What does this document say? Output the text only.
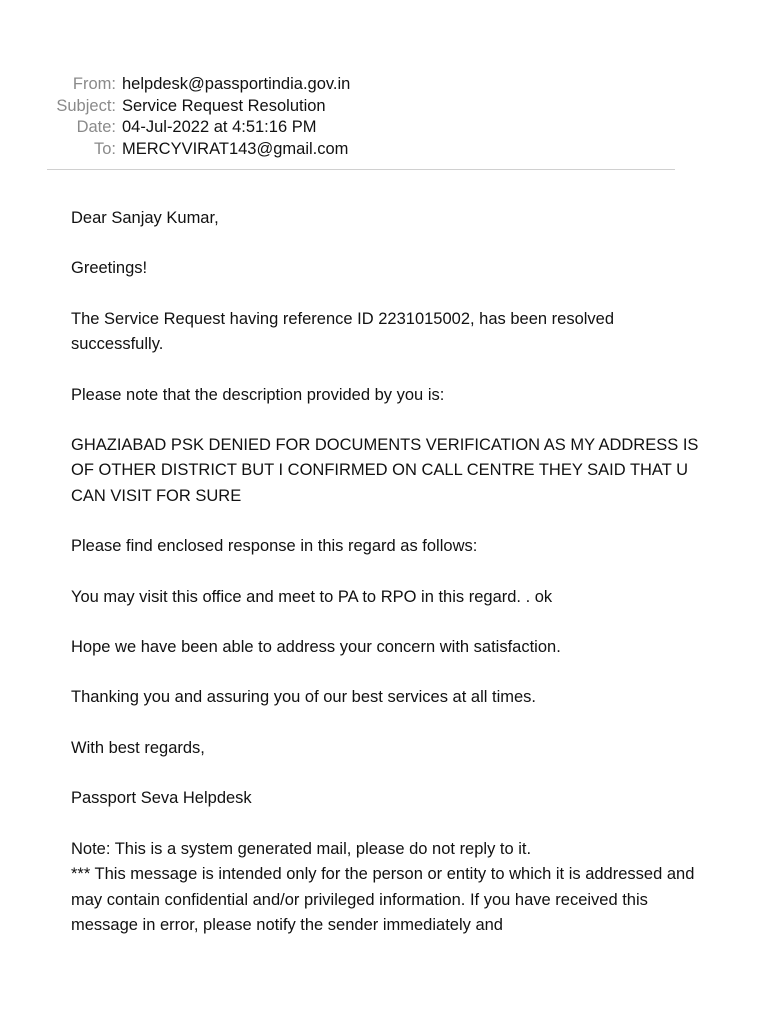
From: helpdesk@passportindia.gov.in
Subject: Service Request Resolution
Date: 04-Jul-2022 at 4:51:16 PM
To: MERCYVIRAT143@gmail.com

Dear Sanjay Kumar,

Greetings!

The Service Request having reference ID 2231015002, has been resolved successfully.

Please note that the description provided by you is:

GHAZIABAD PSK DENIED FOR DOCUMENTS VERIFICATION AS MY ADDRESS IS OF OTHER DISTRICT BUT I CONFIRMED ON CALL CENTRE THEY SAID THAT U CAN VISIT FOR SURE

Please find enclosed response in this regard as follows:

You may visit this office and meet to PA to RPO in this regard. . ok

Hope we have been able to address your concern with satisfaction.

Thanking you and assuring you of our best services at all times.

With best regards,

Passport Seva Helpdesk

Note: This is a system generated mail, please do not reply to it.

*** This message is intended only for the person or entity to which it is addressed and may contain confidential and/or privileged information. If you have received this message in error, please notify the sender immediately and
